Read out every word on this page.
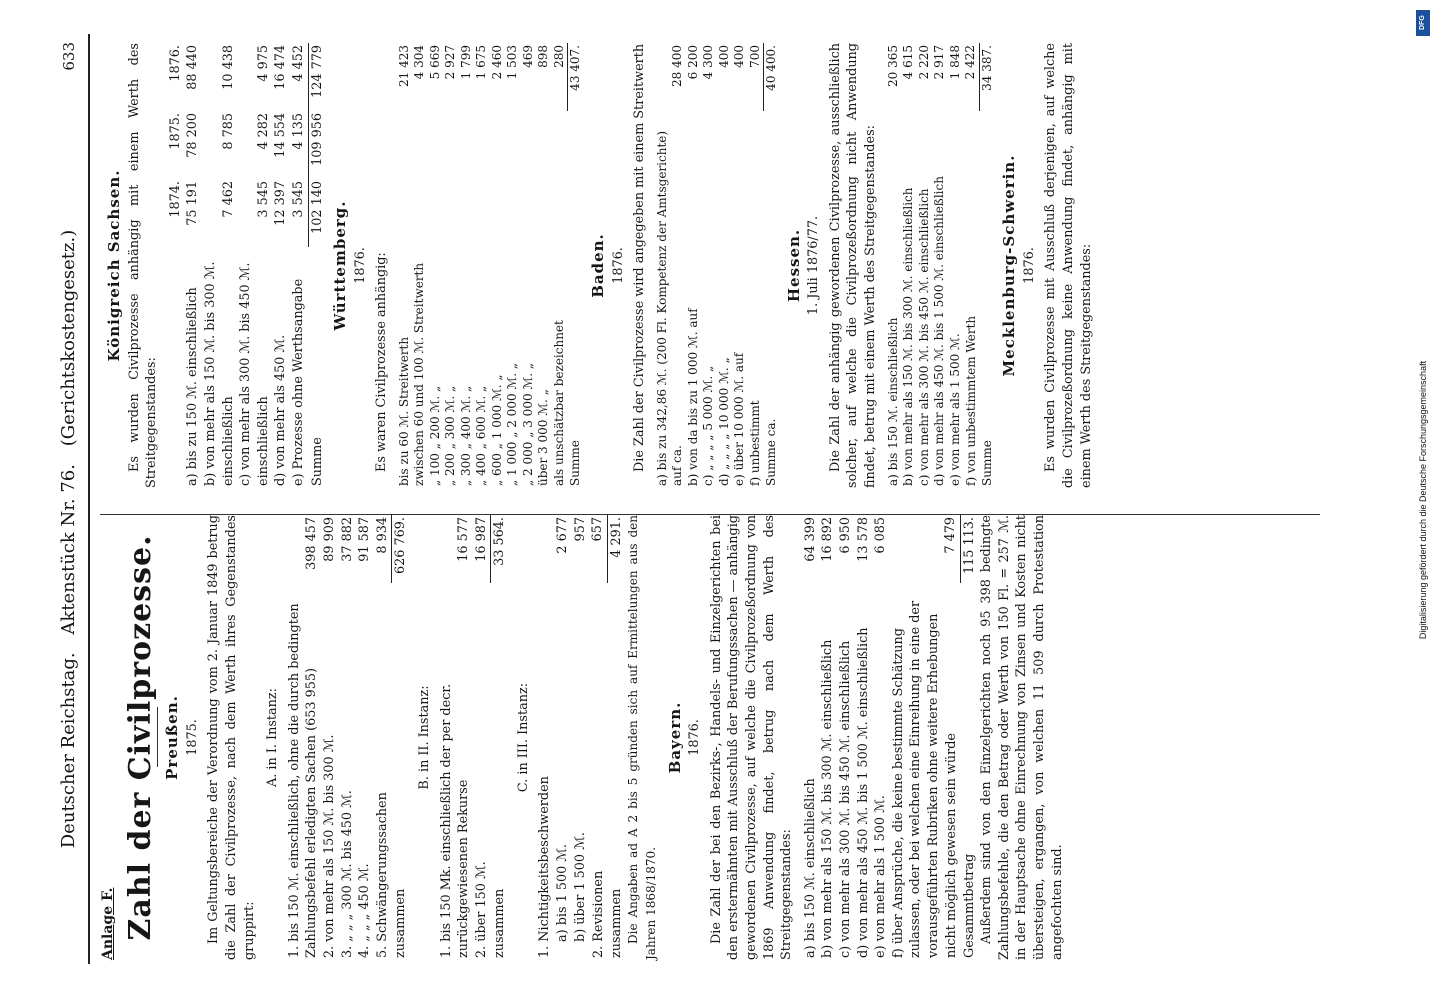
Deutscher Reichstag. Aktenstück Nr. 76. (Gerichtskostengesetz.)
633
Anlage F. Zahl der Civilprozesse. Preußen. 1875. Im Geltungsbereiche der Verordnung vom 2. Januar 1849 betrug die Zahl der Civilprozesse, nach dem Werth ihres Gegenstandes gruppirt:

A. in I. Instanz: 1. bis 150 ℳ. einschließlich, ohne die durch bedingten Zahlungsbefehl erledigten Sachen (653 955)	398 457
2. von mehr als 150 ℳ. bis 300 ℳ.	89 909
3. „ „ „ 300 ℳ. bis 450 ℳ.	37 882
4. „ „ „ 450 ℳ.	91 587
5. Schwängerungssachen	8 934
zusammen	626 769.
B. in II. Instanz: 1. bis 150 Mk. einschließlich der per decr. zurückgewiesenen Rekurse	16 577
2. über 150 ℳ.	16 987
zusammen	33 564.
C. in III. Instanz:
1. Nichtigkeitsbeschwerden	
a) bis 1 500 ℳ.	2 677
b) über 1 500 ℳ.	957
2. Revisionen	657
zusammen	4 291. Die Angaben ad A 2 bis 5 gründen sich auf Ermittelungen aus den Jahren 1868/1870.

Bayern. 1876. Die Zahl der bei den Bezirks-, Handels- und Einzelgerichten bei den erstermähnten mit Ausschluß der Berufungssachen — anhängig gewordenen Civilprozesse, auf welche die Civilprozeßordnung von 1869 Anwendung findet, betrug nach dem Werth des Streitgegenstandes: a) bis 150 ℳ. einschließlich	64 399
b) von mehr als 150 ℳ. bis 300 ℳ. einschließlich	16 892
c) von mehr als 300 ℳ. bis 450 ℳ. einschließlich	6 950
d) von mehr als 450 ℳ. bis 1 500 ℳ. einschließlich	13 578
e) von mehr als 1 500 ℳ.	6 085
f) über Ansprüche, die keine bestimmte Schätzung zulassen, oder bei welchen eine Einreihung in eine der vorausgeführten Rubriken ohne weitere Erhebungen nicht möglich gewesen sein würde	7 479
Gesammtbetrag	115 113. Außerdem sind von den Einzelgerichten noch 95 398 bedingte Zahlungsbefehle, die den Betrag oder Werth von 150 Fl. = 257 ℳ. in der Hauptsache ohne Einrechnung von Zinsen und Kosten nicht übersteigen, ergangen, von welchen 11 509 durch Protestation angefochten sind.

Königreich Sachsen. Es wurden Civilprozesse anhängig mit einem Werth des Streitgegenstandes:

	1874.	1875.	1876.
a) bis zu 150 ℳ. einschließlich	75 191	78 200	88 440
b) von mehr als 150 ℳ. bis 300 ℳ. einschließlich	7 462	8 785	10 438
c) von mehr als 300 ℳ. bis 450 ℳ. einschließlich	3 545	4 282	4 975
d) von mehr als 450 ℳ.	12 397	14 554	16 474
e) Prozesse ohne Werthsangabe	3 545	4 135	4 452
Summe	102 140	109 956	124 779
Württemberg. 1876. Es waren Civilprozesse anhängig: bis zu 60 ℳ. Streitwerth	21 423
zwischen 60 und 100 ℳ. Streitwerth	4 304
„ 100 „ 200 ℳ. „	5 669
„ 200 „ 300 ℳ. „	2 927
„ 300 „ 400 ℳ. „	1 799
„ 400 „ 600 ℳ. „	1 675
„ 600 „ 1 000 ℳ. „	2 460
„ 1 000 „ 2 000 ℳ. „	1 503
„ 2 000 „ 3 000 ℳ. „	469
über 3 000 ℳ. „	898
als unschätzbar bezeichnet	280
Summe	43 407.
Baden. 1876. Die Zahl der Civilprozesse wird angegeben mit einem Streitwerth a) bis zu 342,86 ℳ. (200 Fl. Kompetenz der Amtsgerichte) auf ca.	28 400
b) von da bis zu 1 000 ℳ. auf	6 200
c) „ „ „ „ 5 000 ℳ. „	4 300
d) „ „ „ „ 10 000 ℳ. „	400
e) über 10 000 ℳ. auf	400
f) unbestimmt	700
Summe ca.	40 400.
Hessen. 1. Juli 1876/77. Die Zahl der anhängig gewordenen Civilprozesse, ausschließlich solcher, auf welche die Civilprozeßordnung nicht Anwendung findet, betrug mit einem Werth des Streitgegenstandes: a) bis 150 ℳ. einschließlich	20 365
b) von mehr als 150 ℳ. bis 300 ℳ. einschließlich	4 615
c) von mehr als 300 ℳ. bis 450 ℳ. einschließlich	2 220
d) von mehr als 450 ℳ. bis 1 500 ℳ. einschließlich	2 917
e) von mehr als 1 500 ℳ.	1 848
f) von unbestimmtem Werth	2 422
Summe	34 387.
Mecklenburg-Schwerin. 1876. Es wurden Civilprozesse mit Ausschluß derjenigen, auf welche die Civilprozeßordnung keine Anwendung findet, anhängig mit einem Werth des Streitgegenstandes:

DFG
Digitalisierung gefördert durch die Deutsche Forschungsgemeinschaft
